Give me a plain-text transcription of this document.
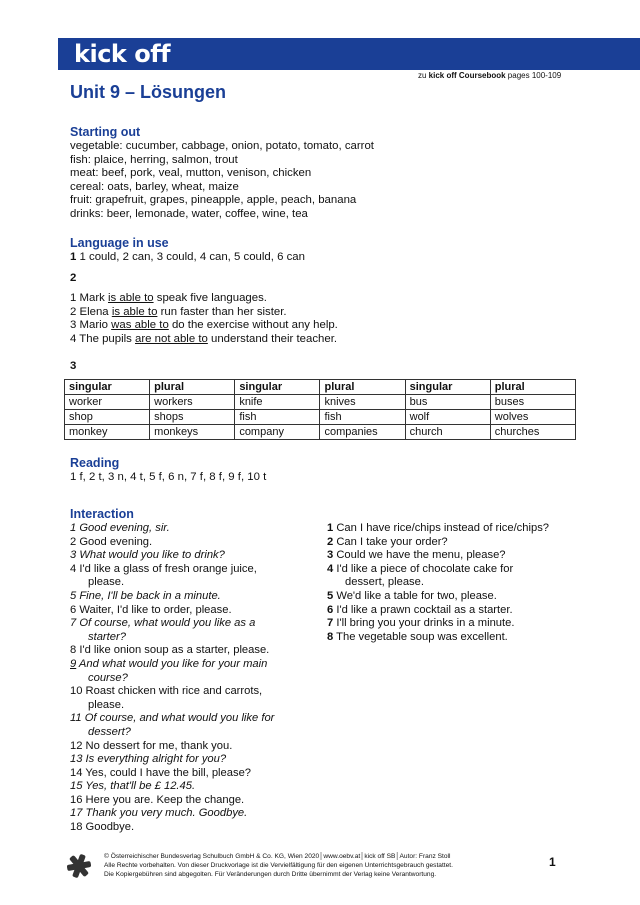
kick off
zu kick off Coursebook pages 100-109
Unit 9 – Lösungen
Starting out
vegetable: cucumber, cabbage, onion, potato, tomato, carrot
fish: plaice, herring, salmon, trout
meat: beef, pork, veal, mutton, venison, chicken
cereal: oats, barley, wheat, maize
fruit: grapefruit, grapes, pineapple, apple, peach, banana
drinks: beer, lemonade, water, coffee, wine, tea
Language in use
1 1 could, 2 can, 3 could, 4 can, 5 could, 6 can
2
1 Mark is able to speak five languages.
2 Elena is able to run faster than her sister.
3 Mario was able to do the exercise without any help.
4 The pupils are not able to understand their teacher.
3
singular	plural	singular	plural	singular	plural
worker	workers	knife	knives	bus	buses
shop	shops	fish	fish	wolf	wolves
monkey	monkeys	company	companies	church	churches
Reading
1 f, 2 t, 3 n, 4 t, 5 f, 6 n, 7 f, 8 f, 9 f, 10 t
Interaction
1 Good evening, sir.
2 Good evening.
3 What would you like to drink?
4 I'd like a glass of fresh orange juice,
please.
5 Fine, I'll be back in a minute.
6 Waiter, I'd like to order, please.
7 Of course, what would you like as a
starter?
8 I'd like onion soup as a starter, please.
9 And what would you like for your main
course?
10 Roast chicken with rice and carrots,
please.
11 Of course, and what would you like for
dessert?
12 No dessert for me, thank you.
13 Is everything alright for you?
14 Yes, could I have the bill, please?
15 Yes, that'll be £ 12.45.
16 Here you are. Keep the change.
17 Thank you very much. Goodbye.
18 Goodbye.
1 Can I have rice/chips instead of rice/chips?
2 Can I take your order?
3 Could we have the menu, please?
4 I'd like a piece of chocolate cake for
dessert, please.
5 We'd like a table for two, please.
6 I'd like a prawn cocktail as a starter.
7 I'll bring you your drinks in a minute.
8 The vegetable soup was excellent.
© Österreichischer Bundesverlag Schulbuch GmbH & Co. KG, Wien 2020│www.oebv.at│kick off SB│Autor: Franz Stoll
Alle Rechte vorbehalten. Von dieser Druckvorlage ist die Vervielfältigung für den eigenen Unterrichtsgebrauch gestattet.
Die Kopiergebühren sind abgegolten. Für Veränderungen durch Dritte übernimmt der Verlag keine Verantwortung.
1
